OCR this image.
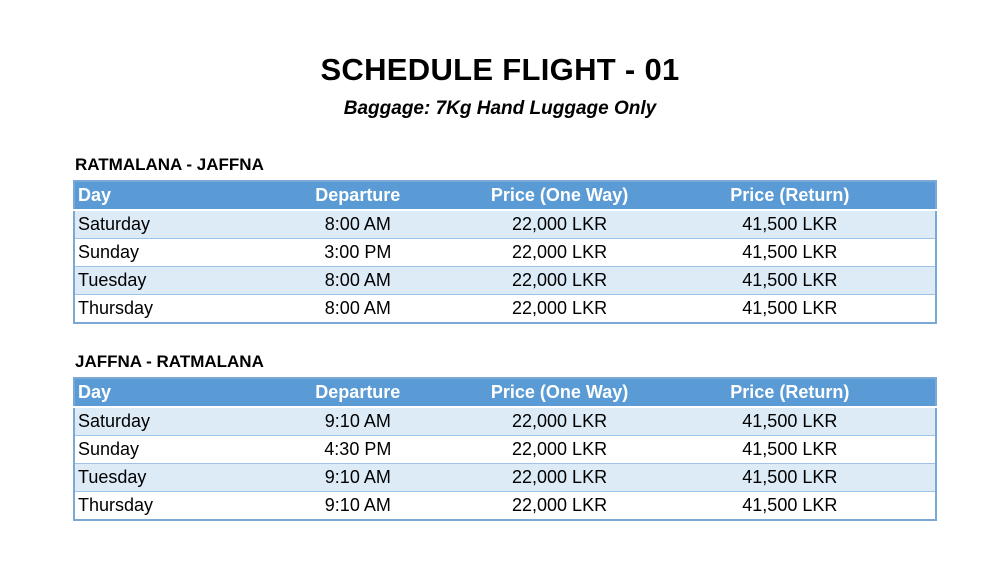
SCHEDULE FLIGHT - 01

Baggage: 7Kg Hand Luggage Only

RATMALANA - JAFFNA

Day	Departure	Price (One Way)	Price (Return)
Saturday	8:00 AM	22,000 LKR	41,500 LKR
Sunday	3:00 PM	22,000 LKR	41,500 LKR
Tuesday	8:00 AM	22,000 LKR	41,500 LKR
Thursday	8:00 AM	22,000 LKR	41,500 LKR

JAFFNA - RATMALANA

Day	Departure	Price (One Way)	Price (Return)
Saturday	9:10 AM	22,000 LKR	41,500 LKR
Sunday	4:30 PM	22,000 LKR	41,500 LKR
Tuesday	9:10 AM	22,000 LKR	41,500 LKR
Thursday	9:10 AM	22,000 LKR	41,500 LKR
